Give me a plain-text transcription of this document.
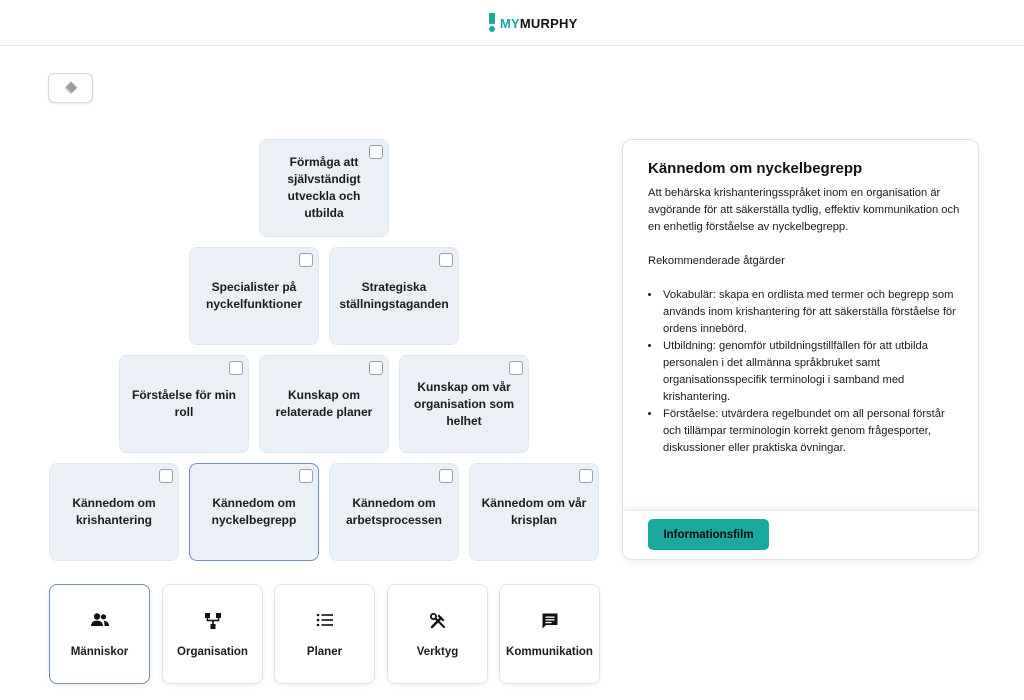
MYMURPHY
Förmåga att självständigt utveckla och utbilda
Specialister på nyckelfunktioner
Strategiska ställningstaganden
Förståelse för min roll
Kunskap om relaterade planer
Kunskap om vår organisation som helhet
Kännedom om krishantering
Kännedom om nyckelbegrepp
Kännedom om arbetsprocessen
Kännedom om vår krisplan
Människor	Organisation	Planer	Verktyg	Kommunikation
Kännedom om nyckelbegrepp

Att behärska krishanteringsspråket inom en organisation är avgörande för att säkerställa tydlig, effektiv kommunikation och en enhetlig förståelse av nyckelbegrepp.

Rekommenderade åtgärder

• Vokabulär: skapa en ordlista med termer och begrepp som används inom krishantering för att säkerställa förståelse för ordens innebörd.
• Utbildning: genomför utbildningstillfällen för att utbilda personalen i det allmänna språkbruket samt organisationsspecifik terminologi i samband med krishantering.
• Förståelse: utvärdera regelbundet om all personal förstår och tillämpar terminologin korrekt genom frågesporter, diskussioner eller praktiska övningar.
Informationsfilm
